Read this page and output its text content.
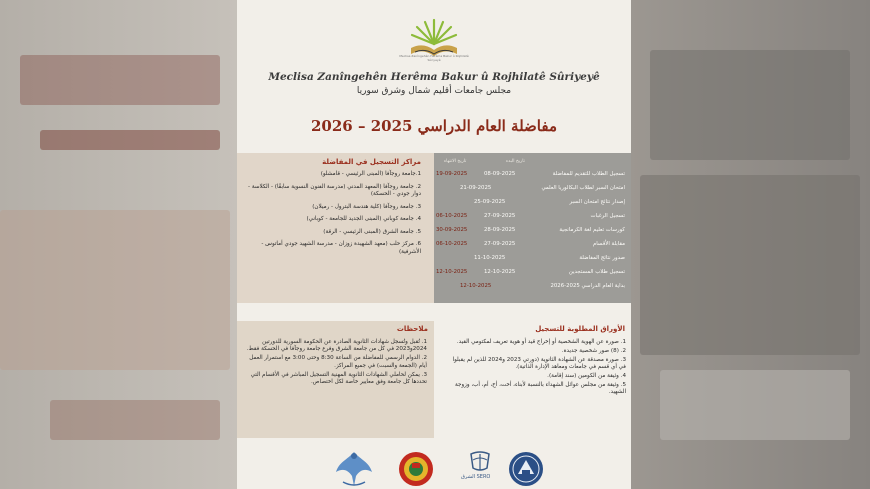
Meclisa Zanîngehên Herêma Bakur û Rojhilatê Sûriyeyê
Meclisa Zanîngehên Herêma Bakur û Rojhilatê Sûriyeyê
مجلس جامعات أقليم شمال وشرق سوريا
مفاضلة العام الدراسي 2025 – 2026
مراكز التسجيل في المفاضلة
1.جامعة روجآفا (المبنى الرئيسي - قامشلو)
2. جامعة روجآفا (المعهد المدني (مدرسة الفنون النسوية سابقًا) - الكلاسة - دوار جودي - الحسكة)
3. جامعة روجآفا (كلية هندسة البترول - رميلان)
4. جامعة كوباني (المبنى الجديد للجامعة - كوباني)
5. جامعة الشرق (المبنى الرئيسي - الرقة)
6. مركز حلب (معهد الشهيدة زوزان - مدرسة الشهيد جودي أماتوس - الأشرفية)
تاريخ البدء
تاريخ الانتهاء
تسجيل الطلاب للتقديم للمفاضلة
08-09-2025
19-09-2025
امتحان السبر لطلاب البكالوريا العلمي
21-09-2025
إصدار نتائج امتحان السبر
25-09-2025
تسجيل الرغبات
27-09-2025
06-10-2025
كورسات تعليم لغة الكرمانجية
28-09-2025
30-09-2025
مقابلة الأقسام
27-09-2025
06-10-2025
صدور نتائج المفاضلة
11-10-2025
تسجيل طلاب المستجدين
12-10-2025
12-10-2025
بداية العام الدراسي 2025-2026
12-10-2025
ملاحظات
1. تُقبل وتُسجل شهادات الثانوية الصادرة عن الحكومة السورية للدورتين 2024و2023 في كل من جامعة الشرق وفرع جامعة روجآفا في الحسكة فقط.
2. الدوام الرسمي للمفاضلة من الساعة 8:30 وحتى 3:00 مع استمرار العمل أيام (الجمعة والسبت) في جميع المراكز.
3. يمكن لحاملي الشهادات الثانوية المهنية التسجيل المباشر في الأقسام التي تحددها كل جامعة وفق معايير خاصة لكل اختصاص.
الأوراق المطلوبة للتسجيل
1. صورة عن الهوية الشخصية أو إخراج قيد أو هوية تعريف لمكتومي القيد.
2. (8) صور شخصية جديدة.
3. صورة مصدقة عن الشهادة الثانوية (دورتي 2023 و2024 للذين لم يقبلوا في أي قسم في جامعات ومعاهد الإدارة الذاتية).
4. وثيقة من الكومين (سند إقامة).
5. وثيقة من مجلس عوائل الشهداء بالنسبة لأبناء، أخت، أخ، أم، أب، وزوجة الشهيد.
الشرق SERO
